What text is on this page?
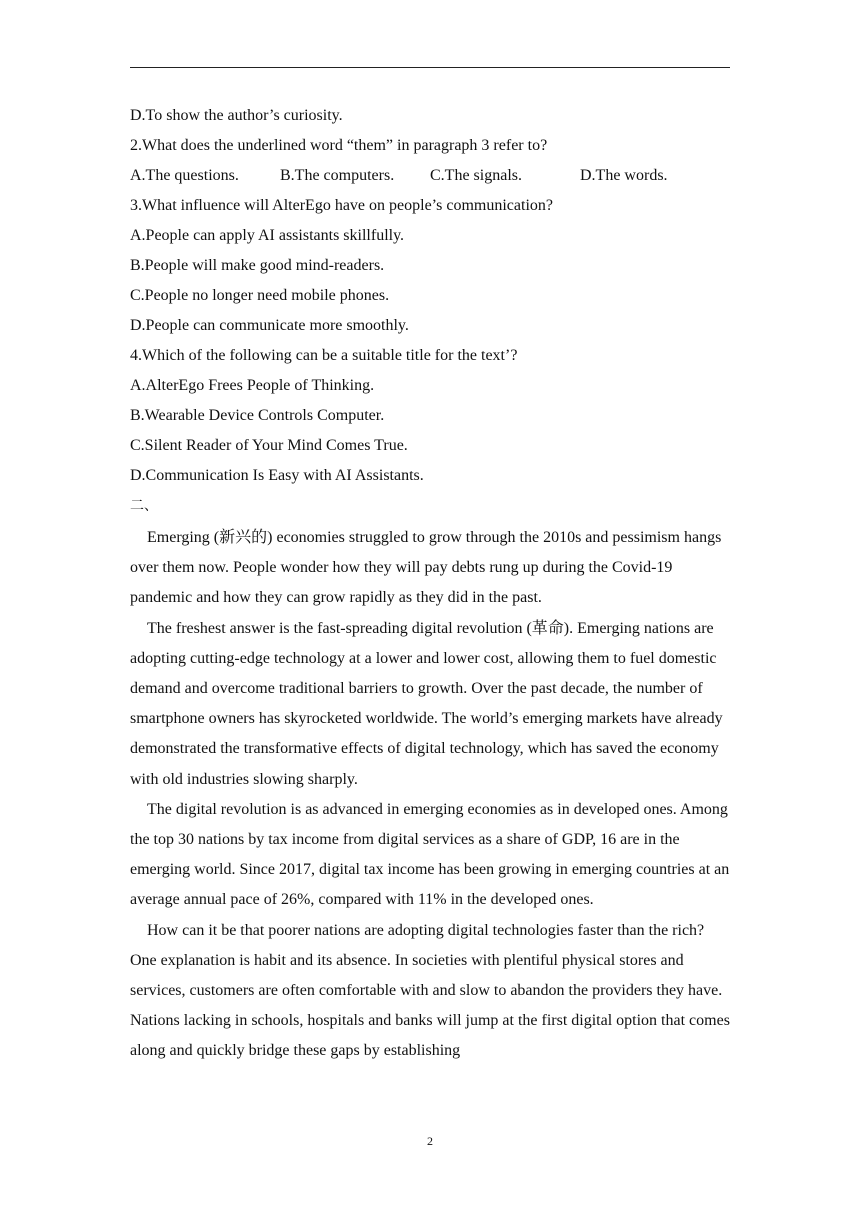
D.To show the author’s curiosity.
2.What does the underlined word “them” in paragraph 3 refer to?
A.The questions.	B.The computers.	C.The signals.	D.The words.
3.What influence will AlterEgo have on people’s communication?
A.People can apply AI assistants skillfully.
B.People will make good mind-readers.
C.People no longer need mobile phones.
D.People can communicate more smoothly.
4.Which of the following can be a suitable title for the text’?
A.AlterEgo Frees People of Thinking.
B.Wearable Device Controls Computer.
C.Silent Reader of Your Mind Comes True.
D.Communication Is Easy with AI Assistants.
二、

Emerging (新兴的) economies struggled to grow through the 2010s and pessimism hangs over them now. People wonder how they will pay debts rung up during the Covid-19 pandemic and how they can grow rapidly as they did in the past.

The freshest answer is the fast-spreading digital revolution (革命). Emerging nations are adopting cutting-edge technology at a lower and lower cost, allowing them to fuel domestic demand and overcome traditional barriers to growth. Over the past decade, the number of smartphone owners has skyrocketed worldwide. The world’s emerging markets have already demonstrated the transformative effects of digital technology, which has saved the economy with old industries slowing sharply.

The digital revolution is as advanced in emerging economies as in developed ones. Among the top 30 nations by tax income from digital services as a share of GDP, 16 are in the emerging world. Since 2017, digital tax income has been growing in emerging countries at an average annual pace of 26%, compared with 11% in the developed ones.

How can it be that poorer nations are adopting digital technologies faster than the rich? One explanation is habit and its absence. In societies with plentiful physical stores and services, customers are often comfortable with and slow to abandon the providers they have. Nations lacking in schools, hospitals and banks will jump at the first digital option that comes along and quickly bridge these gaps by establishing

2
